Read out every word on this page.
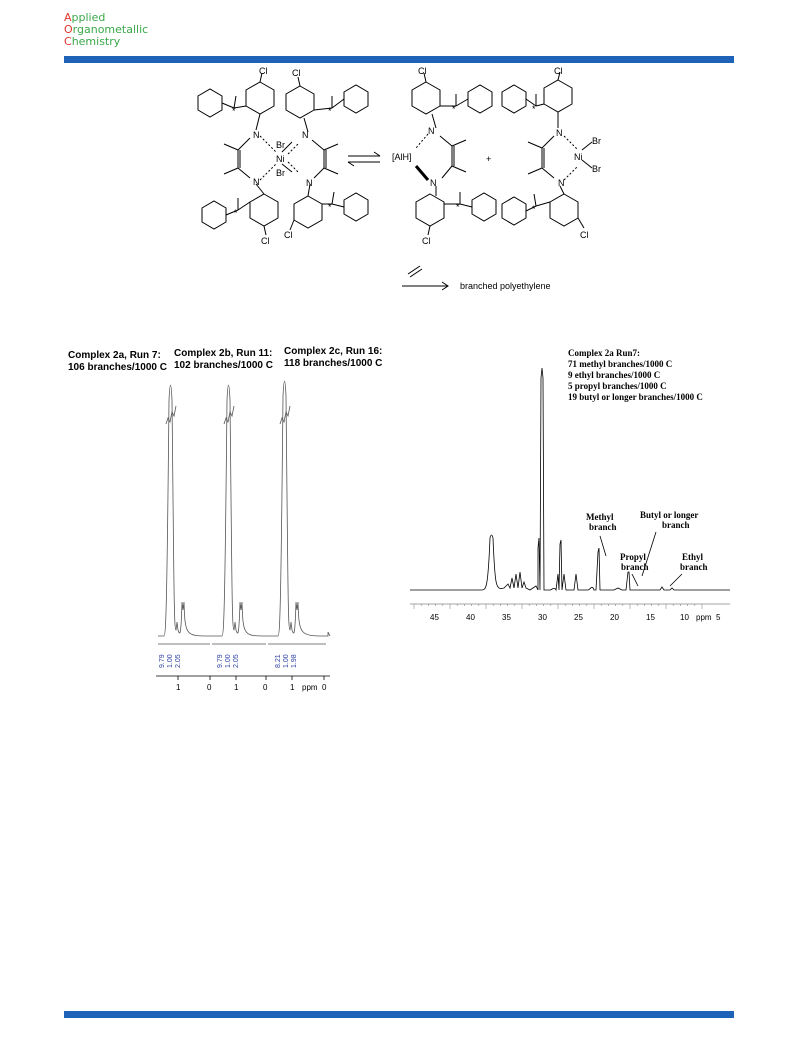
Applied
Organometallic
Chemistry
Cl
N
N
Cl
Ni
Br
Br
Cl
N
N
Cl
*
*
*
*
Cl
N
[AlH]
N
Cl
*
*
+
Cl
N
Ni
Br
Br
N
Cl
*
*
branched polyethylene
Complex 2a, Run 7:
106 branches/1000 C
Complex 2b, Run 11:
102 branches/1000 C
Complex 2c, Run 16:
118 branches/1000 C
9.79 1.00 2.05	9.79 1.00 2.05	8.21 1.00 1.98
1	0	1	0	1 ppm 0
Complex 2a Run7:
71 methyl branches/1000 C
9 ethyl branches/1000 C
5 propyl branches/1000 C
19 butyl or longer branches/1000 C
Methyl
branch
Butyl or longer
branch
Propyl
branch
Ethyl
branch
45	40	35	30	25	20	15	10 ppm 5
